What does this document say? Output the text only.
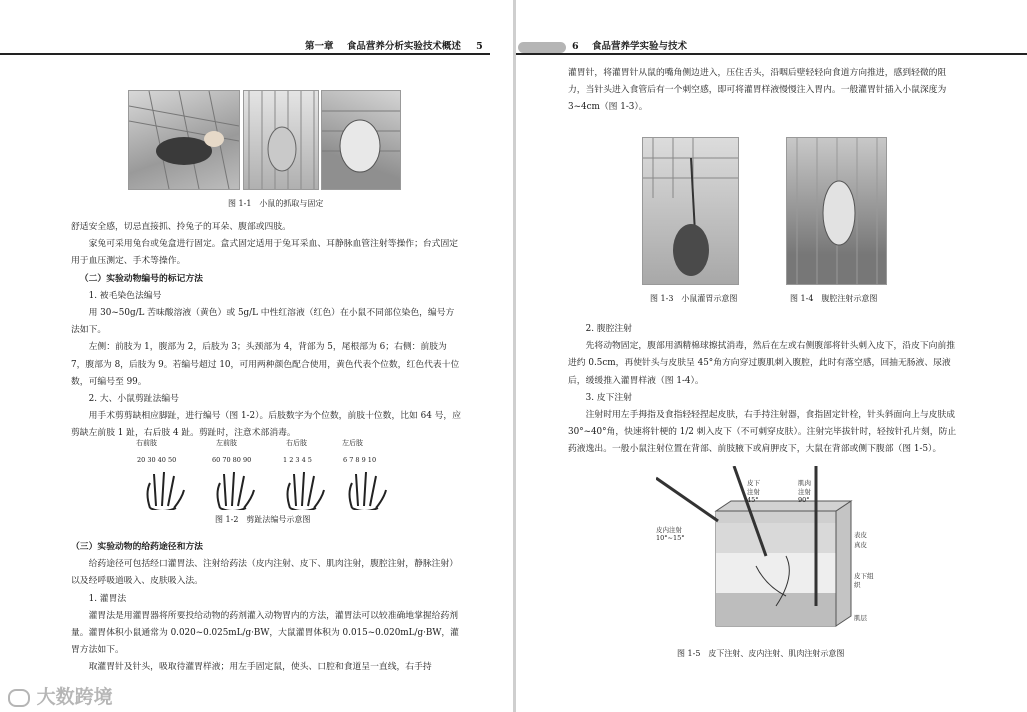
第一章 食品营养分析实验技术概述 5
图 1-1　小鼠的抓取与固定

舒适安全感，切忌直接抓、拎兔子的耳朵、腹部或四肢。

家兔可采用兔台或兔盒进行固定。盒式固定适用于兔耳采血、耳静脉血管注射等操作；台式固定用于血压测定、手术等操作。

（二）实验动物编号的标记方法

1. 被毛染色法编号

用 30~50g/L 苦味酸溶液（黄色）或 5g/L 中性红溶液（红色）在小鼠不同部位染色，编号方法如下。

左侧：前肢为 1，腹部为 2，后肢为 3；头颈部为 4，背部为 5，尾根部为 6；右侧：前肢为 7，腹部为 8，后肢为 9。若编号超过 10，可用两种颜色配合使用，黄色代表个位数，红色代表十位数，可编号至 99。

2. 大、小鼠剪趾法编号

用手术剪剪缺相应脚趾，进行编号（图 1-2）。后肢数字为个位数，前肢十位数，比如 64 号，应剪缺左前肢 1 趾，右后肢 4 趾。剪趾时，注意术部消毒。

右前肢	左前肢	右后肢	左后肢
20 30 40 50	60 70 80 90	1 2 3 4 5	6 7 8 9 10
图 1-2　剪趾法编号示意图

（三）实验动物的给药途径和方法

给药途径可包括经口灌胃法、注射给药法（皮内注射、皮下、肌肉注射，腹腔注射，静脉注射）以及经呼吸道吸入、皮肤吸入法。

1. 灌胃法

灌胃法是用灌胃器将所要投给动物的药剂灌入动物胃内的方法，灌胃法可以较准确地掌握给药剂量。灌胃体积小鼠通常为 0.020~0.025mL/g·BW，大鼠灌胃体积为 0.015~0.020mL/g·BW，灌胃方法如下。

取灌胃针及针头，吸取待灌胃样液；用左手固定鼠，使头、口腔和食道呈一直线，右手持

6 食品营养学实验与技术

灌胃针，将灌胃针从鼠的嘴角侧边进入，压住舌头，沿咽后壁轻轻向食道方向推进，感到轻微的阻力，当针头进入食管后有一个刺空感，即可将灌胃样液慢慢注入胃内。一般灌胃针插入小鼠深度为 3~4cm（图 1-3）。

图 1-3　小鼠灌胃示意图	图 1-4　腹腔注射示意图

2. 腹腔注射

先将动物固定，腹部用酒精棉球擦拭消毒，然后在左或右侧腹部将针头刺入皮下，沿皮下向前推进约 0.5cm，再使针头与皮肤呈 45°角方向穿过腹肌刺入腹腔，此时有落空感，回抽无肠液、尿液后，缓缓推入灌胃样液（图 1-4）。

3. 皮下注射

注射时用左手拇指及食指轻轻捏起皮肤，右手持注射器，食指固定针栓，针头斜面向上与皮肤成 30°~40°角，快速将针梗的 1/2 刺入皮下（不可刺穿皮肤）。注射完毕拔针时，轻按针孔片刻，防止药液逸出。一般小鼠注射位置在背部、前肢腋下或肩胛皮下，大鼠在背部或侧下腹部（图 1-5）。

皮下注射 45°
肌肉注射 90°
皮内注射 10°~15°	表皮
真皮
皮下组织
肌层
图 1-5　皮下注射、皮内注射、肌肉注射示意图
大数跨境
